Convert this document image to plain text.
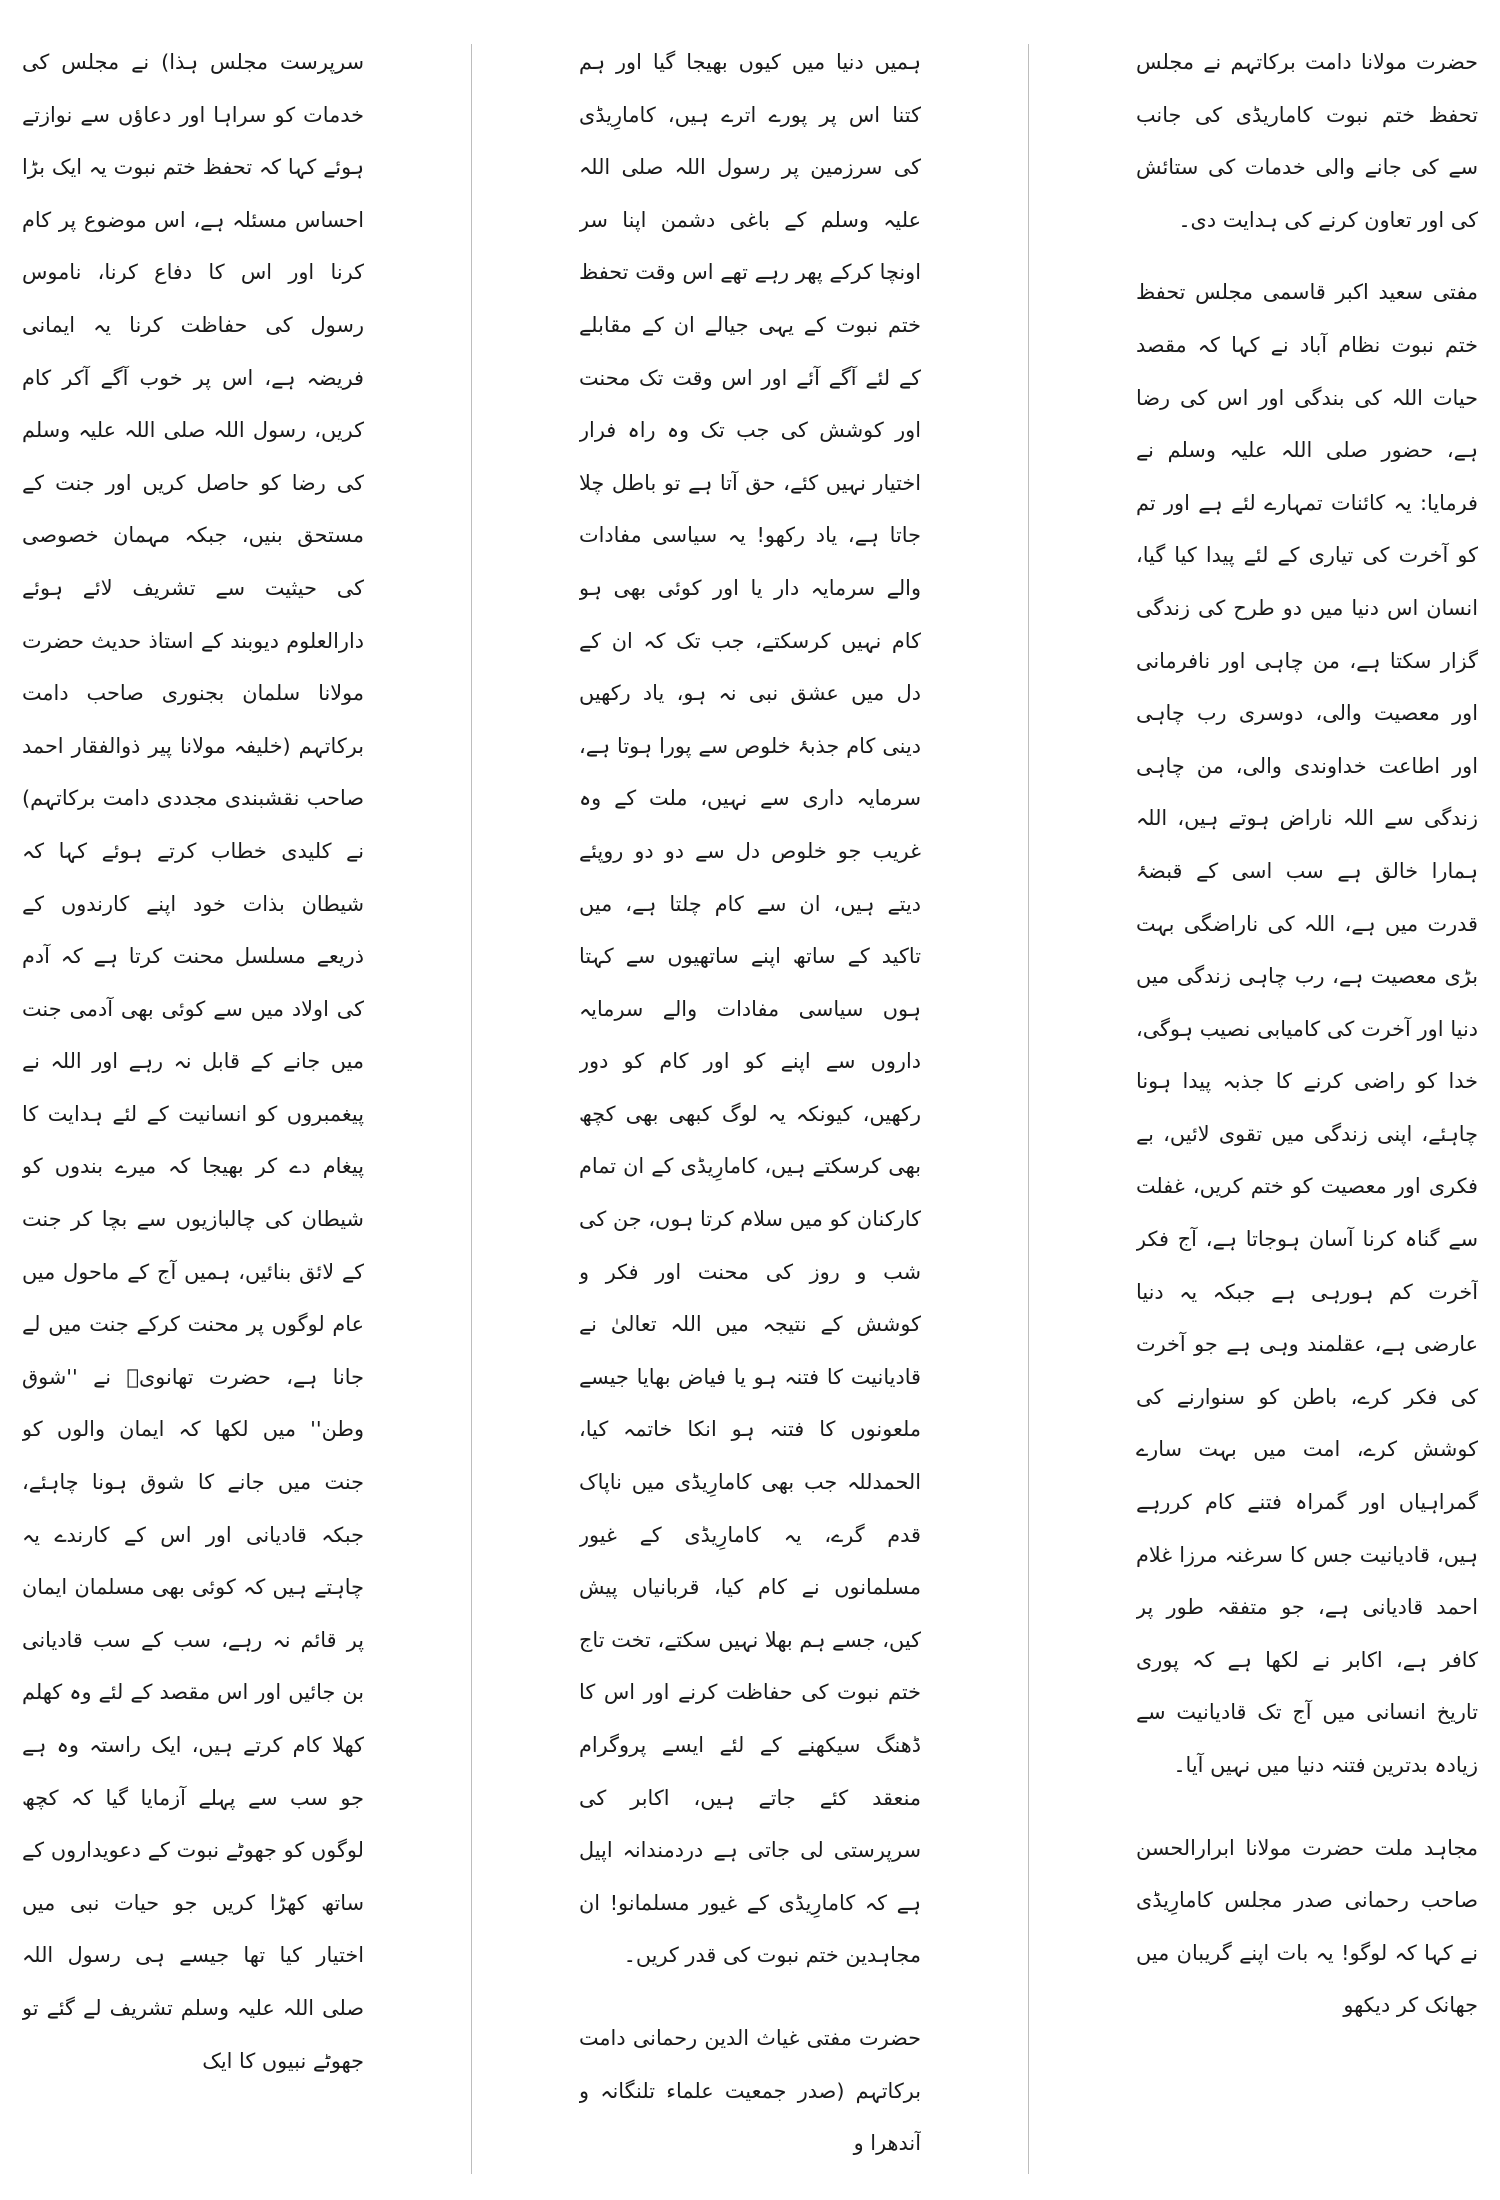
حضرت مولانا دامت برکاتہم نے مجلس تحفظ ختم نبوت کاماریڈی کی جانب سے کی جانے والی خدمات کی ستائش کی اور تعاون کرنے کی ہدایت دی۔

مفتی سعید اکبر قاسمی مجلس تحفظ ختم نبوت نظام آباد نے کہا کہ مقصد حیات اللہ کی بندگی اور اس کی رضا ہے، حضور صلی اللہ علیہ وسلم نے فرمایا: یہ کائنات تمہارے لئے ہے اور تم کو آخرت کی تیاری کے لئے پیدا کیا گیا، انسان اس دنیا میں دو طرح کی زندگی گزار سکتا ہے، من چاہی اور نافرمانی اور معصیت والی، دوسری رب چاہی اور اطاعت خداوندی والی، من چاہی زندگی سے اللہ ناراض ہوتے ہیں، اللہ ہمارا خالق ہے سب اسی کے قبضۂ قدرت میں ہے، اللہ کی ناراضگی بہت بڑی معصیت ہے، رب چاہی زندگی میں دنیا اور آخرت کی کامیابی نصیب ہوگی، خدا کو راضی کرنے کا جذبہ پیدا ہونا چاہئے، اپنی زندگی میں تقوی لائیں، بے فکری اور معصیت کو ختم کریں، غفلت سے گناہ کرنا آسان ہوجاتا ہے، آج فکر آخرت کم ہورہی ہے جبکہ یہ دنیا عارضی ہے، عقلمند وہی ہے جو آخرت کی فکر کرے، باطن کو سنوارنے کی کوشش کرے، امت میں بہت سارے گمراہیاں اور گمراہ فتنے کام کررہے ہیں، قادیانیت جس کا سرغنہ مرزا غلام احمد قادیانی ہے، جو متفقہ طور پر کافر ہے، اکابر نے لکھا ہے کہ پوری تاریخ انسانی میں آج تک قادیانیت سے زیادہ بدترین فتنہ دنیا میں نہیں آیا۔

مجاہد ملت حضرت مولانا ابرارالحسن صاحب رحمانی صدر مجلس کامارِیڈی نے کہا کہ لوگو! یہ بات اپنے گریبان میں جھانک کر دیکھو

ہمیں دنیا میں کیوں بھیجا گیا اور ہم کتنا اس پر پورے اترے ہیں، کامارِیڈی کی سرزمین پر رسول اللہ صلی اللہ علیہ وسلم کے باغی دشمن اپنا سر اونچا کرکے پھر رہے تھے اس وقت تحفظ ختم نبوت کے یہی جیالے ان کے مقابلے کے لئے آگے آئے اور اس وقت تک محنت اور کوشش کی جب تک وہ راہ فرار اختیار نہیں کئے، حق آتا ہے تو باطل چلا جاتا ہے، یاد رکھو! یہ سیاسی مفادات والے سرمایہ دار یا اور کوئی بھی ہو کام نہیں کرسکتے، جب تک کہ ان کے دل میں عشق نبی نہ ہو، یاد رکھیں دینی کام جذبۂ خلوص سے پورا ہوتا ہے، سرمایہ داری سے نہیں، ملت کے وہ غریب جو خلوص دل سے دو دو روپئے دیتے ہیں، ان سے کام چلتا ہے، میں تاکید کے ساتھ اپنے ساتھیوں سے کہتا ہوں سیاسی مفادات والے سرمایہ داروں سے اپنے کو اور کام کو دور رکھیں، کیونکہ یہ لوگ کبھی بھی کچھ بھی کرسکتے ہیں، کامارِیڈی کے ان تمام کارکنان کو میں سلام کرتا ہوں، جن کی شب و روز کی محنت اور فکر و کوشش کے نتیجہ میں اللہ تعالیٰ نے قادیانیت کا فتنہ ہو یا فیاض بھایا جیسے ملعونوں کا فتنہ ہو انکا خاتمہ کیا، الحمدللہ جب بھی کامارِیڈی میں ناپاک قدم گرے، یہ کامارِیڈی کے غیور مسلمانوں نے کام کیا، قربانیاں پیش کیں، جسے ہم بھلا نہیں سکتے، تخت تاج ختم نبوت کی حفاظت کرنے اور اس کا ڈھنگ سیکھنے کے لئے ایسے پروگرام منعقد کئے جاتے ہیں، اکابر کی سرپرستی لی جاتی ہے دردمندانہ اپیل ہے کہ کامارِیڈی کے غیور مسلمانو! ان مجاہدین ختم نبوت کی قدر کریں۔

حضرت مفتی غیاث الدین رحمانی دامت برکاتہم (صدر جمعیت علماء تلنگانہ و آندھرا و

سرپرست مجلس ہذا) نے مجلس کی خدمات کو سراہا اور دعاؤں سے نوازتے ہوئے کہا کہ تحفظ ختم نبوت یہ ایک بڑا احساس مسئلہ ہے، اس موضوع پر کام کرنا اور اس کا دفاع کرنا، ناموس رسول کی حفاظت کرنا یہ ایمانی فریضہ ہے، اس پر خوب آگے آکر کام کریں، رسول اللہ صلی اللہ علیہ وسلم کی رضا کو حاصل کریں اور جنت کے مستحق بنیں، جبکہ مہمان خصوصی کی حیثیت سے تشریف لائے ہوئے دارالعلوم دیوبند کے استاذ حدیث حضرت مولانا سلمان بجنوری صاحب دامت برکاتہم (خلیفہ مولانا پیر ذوالفقار احمد صاحب نقشبندی مجددی دامت برکاتہم) نے کلیدی خطاب کرتے ہوئے کہا کہ شیطان بذات خود اپنے کارندوں کے ذریعے مسلسل محنت کرتا ہے کہ آدم کی اولاد میں سے کوئی بھی آدمی جنت میں جانے کے قابل نہ رہے اور اللہ نے پیغمبروں کو انسانیت کے لئے ہدایت کا پیغام دے کر بھیجا کہ میرے بندوں کو شیطان کی چالبازیوں سے بچا کر جنت کے لائق بنائیں، ہمیں آج کے ماحول میں عام لوگوں پر محنت کرکے جنت میں لے جانا ہے، حضرت تھانویؒ نے ''شوق وطن'' میں لکھا کہ ایمان والوں کو جنت میں جانے کا شوق ہونا چاہئے، جبکہ قادیانی اور اس کے کارندے یہ چاہتے ہیں کہ کوئی بھی مسلمان ایمان پر قائم نہ رہے، سب کے سب قادیانی بن جائیں اور اس مقصد کے لئے وہ کھلم کھلا کام کرتے ہیں، ایک راستہ وہ ہے جو سب سے پہلے آزمایا گیا کہ کچھ لوگوں کو جھوٹے نبوت کے دعویداروں کے ساتھ کھڑا کریں جو حیات نبی میں اختیار کیا تھا جیسے ہی رسول اللہ صلی اللہ علیہ وسلم تشریف لے گئے تو جھوٹے نبیوں کا ایک
